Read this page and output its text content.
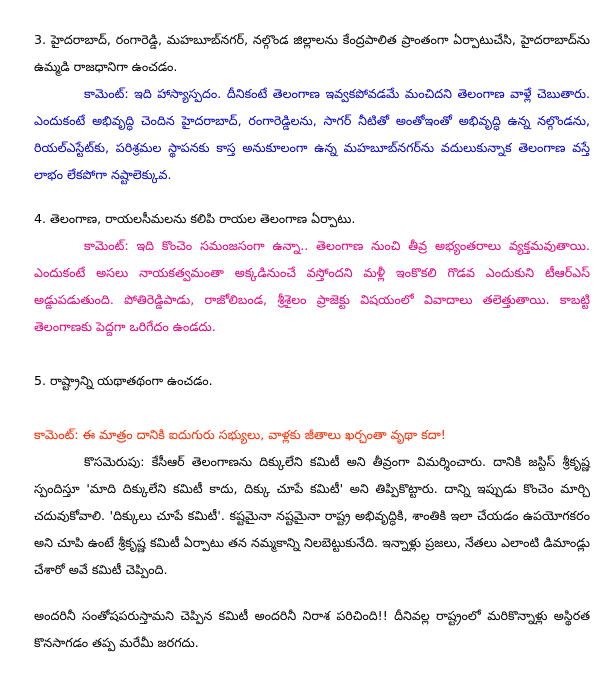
3. హైదరాబాద్, రంగారెడ్డి, మహబూబ్‌నగర్, నల్గొండ జిల్లాలను కేంద్రపాలిత ప్రాంతంగా ఏర్పాటుచేసి, హైదరాబాద్‌ను ఉమ్మడి రాజధానిగా ఉంచడం.

కామెంట్: ఇది హాస్యాస్పదం. దీనికంటే తెలంగాణ ఇవ్వకపోవడమే మంచిదని తెలంగాణ వాళ్లే చెబుతారు. ఎందుకంటే అభివృద్ధి చెందిన హైదరాబాద్, రంగారెడ్డిలను, సాగర్ నీటితో అంతోఇంతో అభివృద్ధి ఉన్న నల్గొండను, రియల్‌ఎస్టేట్‌కు, పరిశ్రమల స్థాపనకు కాస్త అనుకూలంగా ఉన్న మహబూబ్‌నగర్‌ను వదులుకున్నాక తెలంగాణ వస్తే లాభం లేకపోగా నష్టాలెక్కువ.

4. తెలంగాణ, రాయలసీమలను కలిపి రాయల తెలంగాణ ఏర్పాటు.

కామెంట్: ఇది కొంచెం సమంజసంగా ఉన్నా.. తెలంగాణ నుంచి తీవ్ర అభ్యంతరాలు వ్యక్తమవుతాయి. ఎందుకంటే అసలు నాయకత్వమంతా అక్కడినుంచే వస్తోందని మళ్లీ ఇంకొకలి గొడవ ఎందుకుని టీఆర్ఎస్ అడ్డుపడుతుంది. పోతిరెడ్డిపాడు, రాజోలిబండ, శ్రీశైలం ప్రాజెక్టు విషయంలో వివాదాలు తలెత్తుతాయి. కాబట్టి తెలంగాణకు పెద్దగా ఒరిగేదం ఉండదు.

5. రాష్ట్రాన్ని యథాతథంగా ఉంచడం.

కామెంట్: ఈ మాత్రం దానికి ఐదుగురు సభ్యులు, వాళ్లకు జీతాలు ఖర్చంతా వృథా కదా!

కొసమెరుపు: కేసీఆర్ తెలంగాణను దిక్కులేని కమిటీ అని తీవ్రంగా విమర్శించారు. దానికి జస్టిస్ శ్రీకృష్ణ స్పందిస్తూ 'మాది దిక్కులేని కమిటీ కాదు, దిక్కు చూపే కమిటీ' అని తిప్పికొట్టారు. దాన్ని ఇప్పుడు కొంచెం మార్చి చదువుకోవాలి. 'దిక్కులు చూపే కమిటీ'. కష్టమైనా నష్టమైనా రాష్ట్ర అభివృద్ధికి, శాంతికి ఇలా చేయడం ఉపయోగకరం అని చూపి ఉంటే శ్రీకృష్ణ కమిటీ ఏర్పాటు తన నమ్మకాన్ని నిలబెట్టుకునేది. ఇన్నాళ్లు ప్రజలు, నేతలు ఎలాంటి డిమాండ్లు చేశారో అవే కమిటీ చెప్పింది.

అందరినీ సంతోషపరుస్తామని చెప్పిన కమిటీ అందరినీ నిరాశ పరిచింది!! దీనివల్ల రాష్ట్రంలో మరికొన్నాళ్లు అస్థిరత కొనసాగడం తప్ప మరేమీ జరగదు.
